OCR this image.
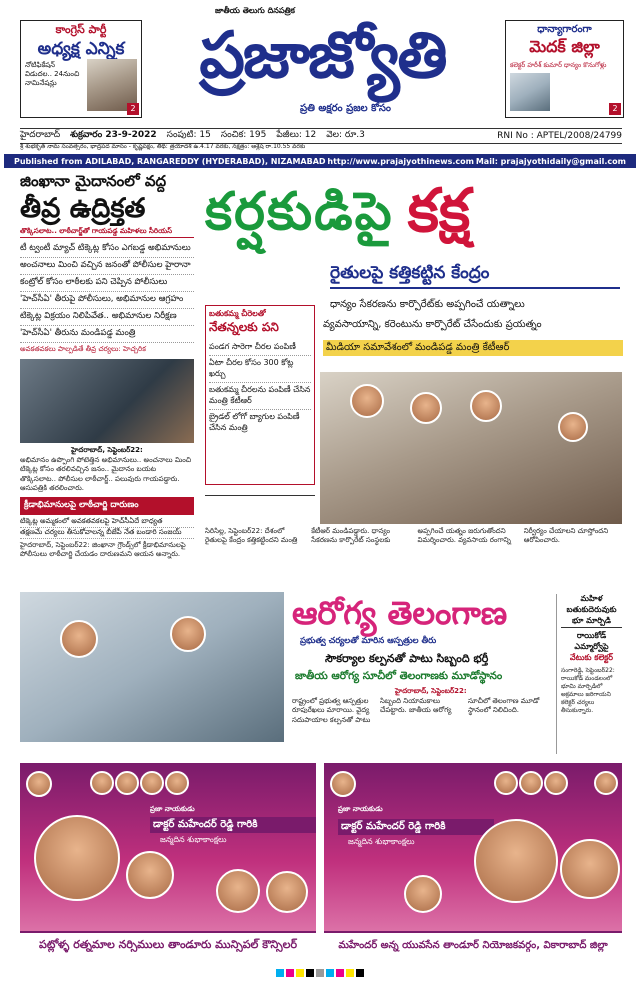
కాంగ్రెస్ పార్టీ
అధ్యక్ష ఎన్నిక
నోటిఫికేషన్ విడుదల.. 24నుంచి నామినేషన్లు
2
జాతీయ తెలుగు దినపత్రిక
ప్రజాజ్యోతి
ప్రతి అక్షరం ప్రజల కోసం
ధాన్యాగారంగా
మెదక్ జిల్లా
కలెక్టర్ హరీశ్ కుమార్ ధాన్యం కొనుగోళ్లు
2
హైదరాబాద్ శుక్రవారం 23-9-2022 సంపుటి: 15 సంచిక: 195 పేజీలు: 12 వెల: రూ.3	RNI No : APTEL/2008/24799
శ్రీ శుభకృత్ నామ సంవత్సరం, భాద్రపద మాసం - కృష్ణపక్షం, తిథి: త్రయోదశి ఉ.4.17 వరకు, నక్షత్రం: ఆశ్లేష రా.10.55 వరకు
Published from ADILABAD, RANGAREDDY (HYDERABAD), NIZAMABAD http://www.prajajyothinews.com Mail: prajajyothidaily@gmail.com
జింఖానా మైదానంలో వద్ద
తీవ్ర ఉద్రిక్తత
తొక్కిసలాట.. లాఠీచార్జ్‌తో గాయపడ్డ మహిళలు సీరియస్
టీ ట్వంటీ మ్యాచ్ టిక్కెట్ల కోసం ఎగబడ్డ అభిమానులు
అంచనాలు మించి వచ్చిన జనంతో పోలీసుల హైరానా
కంట్రోల్ కోసం లాఠీలకు పని చెప్పిన పోలీసులు
'హెచ్‌సీఏ' తీరుపై పోలీసులు, అభిమానుల ఆగ్రహం
టిక్కెట్ల విక్రయం నిలిపివేత.. అభిమానుల నిరీక్షణ
'హెచ్‌సీఏ' తీరును మండిపడ్డ మంత్రి
అవకతవకలు పాల్పడితే తీవ్ర చర్యలు: హెచ్చరిక
హైదరాబాద్, సెప్టెంబర్22:
అభిమానం ఉప్పొంగి పోటెత్తిన అభిమానులు.. అంచనాలు మించి టిక్కెట్ల కోసం తరలివచ్చిన జనం.. మైదానం బయట తొక్కిసలాట.. పోలీసుల లాఠీచార్జ్.. పలువురు గాయపడ్డారు. ఆసుపత్రికి తరలించారు.
క్రీడాభిమానులపై లాఠీచార్జి దారుణం
టిక్కెట్ల అమ్మకంలో అవకతవకలపై హెచ్‌సీఏదే బాధ్యత
తక్షణమే చర్యలు తీసుకోవాలన్న బీజేపీ నేత బండారి సంజయ్
హైదరాబాద్, సెప్టెంబర్22: జింఖానా గ్రౌండ్స్‌లో క్రీడాభిమానులపై పోలీసులు లాఠీచార్జి చేయడం దారుణమని ఆయన అన్నారు.
బతుకమ్మ చీరెలతో
నేతన్నలకు పని
పండగ సారెగా చీరల పంపిణీ
ఏటా చీరల కోసం 300 కోట్ల ఖర్చు
బతుకమ్మ చీరలను పంపిణీ చేసిన మంత్రి కేటీఆర్
బ్రైడల్ లోగో బ్యాగుల పంపిణీ చేసిన మంత్రి
కర్షకుడిపై కక్ష
రైతులపై కత్తికట్టిన కేంద్రం
ధాన్యం సేకరణను కార్పొరేట్‌కు అప్పగించే యత్నాలు
వ్యవసాయాన్ని, కరెంటును కార్పొరేట్ చేసేందుకు ప్రయత్నం
మీడియా సమావేశంలో మండిపడ్డ మంత్రి కేటీఆర్
సిరిసిల్ల, సెప్టెంబర్22: దేశంలో రైతులపై కేంద్రం కత్తికట్టిందని మంత్రి కేటీఆర్ మండిపడ్డారు. ధాన్యం సేకరణను కార్పొరేట్ సంస్థలకు అప్పగించే యత్నం జరుగుతోందని విమర్శించారు. వ్యవసాయ రంగాన్ని నిర్వీర్యం చేయాలని చూస్తోందని ఆరోపించారు.
ఆరోగ్య తెలంగాణ
ప్రభుత్వ చర్యలతో మారిన ఆస్పత్రుల తీరు
సౌకర్యాల కల్పనతో పాటు సిబ్బంది భర్తీ
జాతీయ ఆరోగ్య సూచీలో తెలంగాణకు మూడోస్థానం
హైదరాబాద్, సెప్టెంబర్22:
రాష్ట్రంలో ప్రభుత్వ ఆస్పత్రుల రూపురేఖలు మారాయి. వైద్య సదుపాయాల కల్పనతో పాటు సిబ్బంది నియామకాలు చేపట్టారు. జాతీయ ఆరోగ్య సూచీలో తెలంగాణ మూడో స్థానంలో నిలిచింది.
మహిళ
బతుకుదెరువుకు
భూ మార్పిడి
రాయికోడ్
ఎమ్మార్వోపై
వేటుకు కలెక్టర్
సంగారెడ్డి, సెప్టెంబర్22: రాయికోడ్ మండలంలో భూమి మార్పిడిలో అక్రమాలు జరిగాయని కలెక్టర్ చర్యలు తీసుకున్నారు.
ప్రజా నాయకుడు
డాక్టర్ మహేందర్ రెడ్డి గారికి
జన్మదిన శుభాకాంక్షలు
పట్లోళ్ళ రత్నమాల నర్సిములు తాండూరు మున్సిపల్ కౌన్సిలర్
ప్రజా నాయకుడు
డాక్టర్ మహేందర్ రెడ్డి గారికి
జన్మదిన శుభాకాంక్షలు
మహేందర్ అన్న యువసేన తాండూర్ నియోజకవర్గం, వికారాబాద్ జిల్లా
